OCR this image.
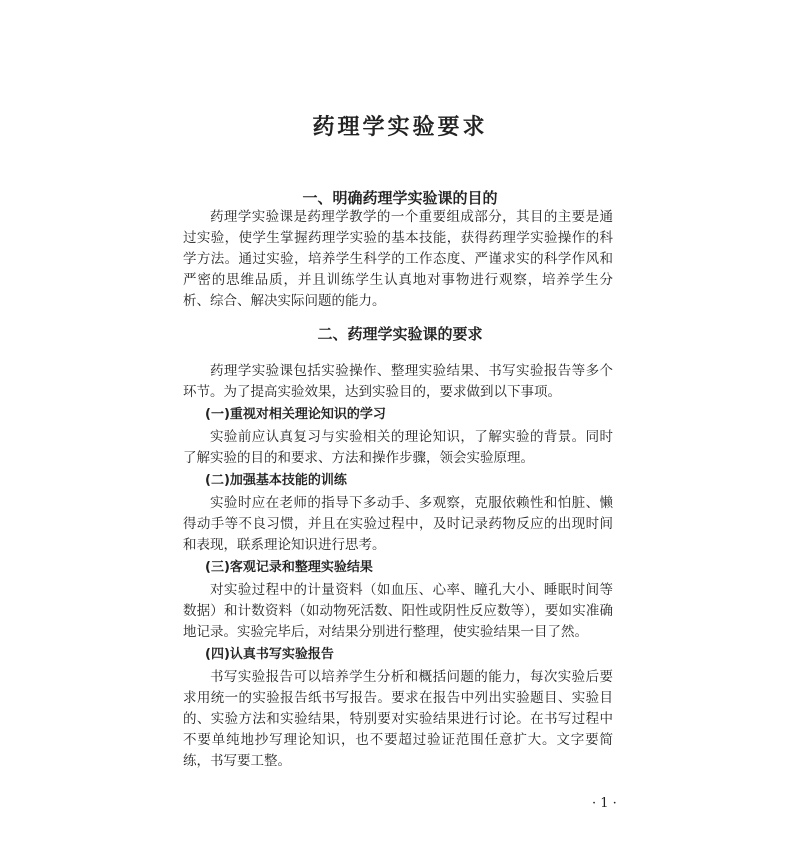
药理学实验要求
一、明确药理学实验课的目的

药理学实验课是药理学教学的一个重要组成部分，其目的主要是通过实验，使学生掌握药理学实验的基本技能，获得药理学实验操作的科学方法。通过实验，培养学生科学的工作态度、严谨求实的科学作风和严密的思维品质，并且训练学生认真地对事物进行观察，培养学生分析、综合、解决实际问题的能力。

二、药理学实验课的要求

药理学实验课包括实验操作、整理实验结果、书写实验报告等多个环节。为了提高实验效果，达到实验目的，要求做到以下事项。

(一)重视对相关理论知识的学习

实验前应认真复习与实验相关的理论知识，了解实验的背景。同时了解实验的目的和要求、方法和操作步骤，领会实验原理。

(二)加强基本技能的训练

实验时应在老师的指导下多动手、多观察，克服依赖性和怕脏、懒得动手等不良习惯，并且在实验过程中，及时记录药物反应的出现时间和表现，联系理论知识进行思考。

(三)客观记录和整理实验结果

对实验过程中的计量资料（如血压、心率、瞳孔大小、睡眠时间等数据）和计数资料（如动物死活数、阳性或阴性反应数等），要如实准确地记录。实验完毕后，对结果分别进行整理，使实验结果一目了然。

(四)认真书写实验报告

书写实验报告可以培养学生分析和概括问题的能力，每次实验后要求用统一的实验报告纸书写报告。要求在报告中列出实验题目、实验目的、实验方法和实验结果，特别要对实验结果进行讨论。在书写过程中不要单纯地抄写理论知识，也不要超过验证范围任意扩大。文字要简练，书写要工整。

· 1 ·
